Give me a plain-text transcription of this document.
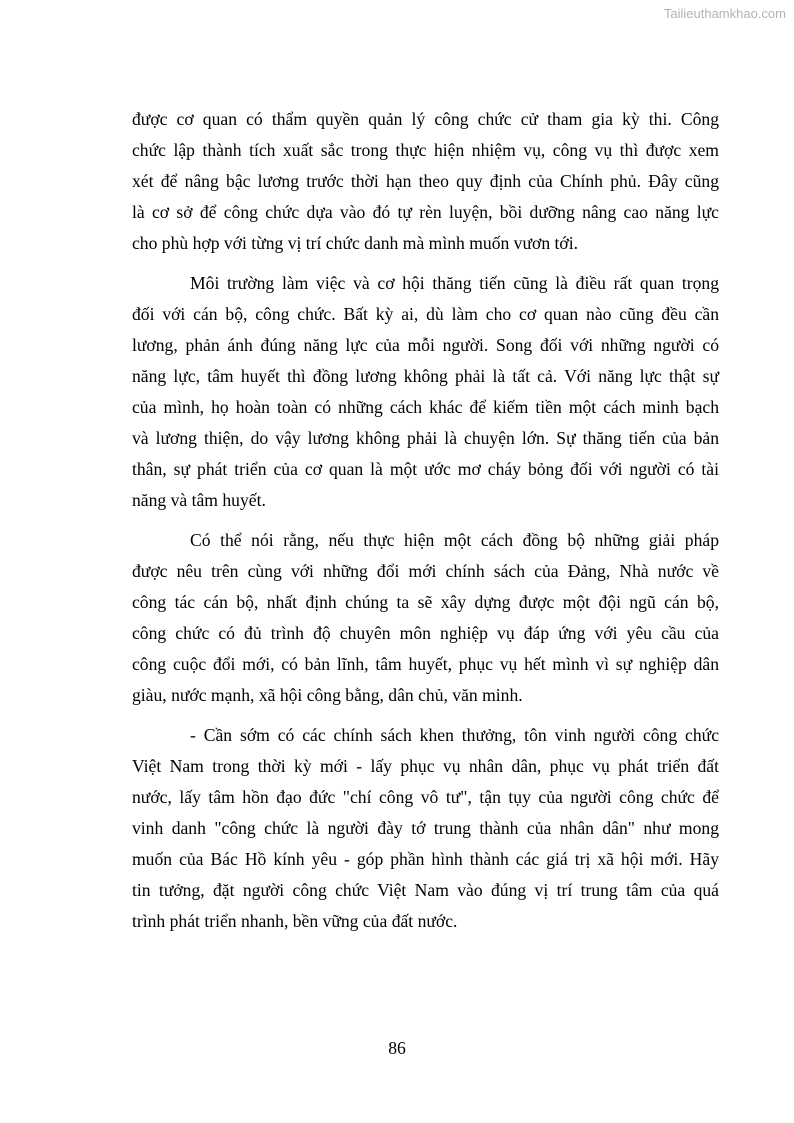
Tailieuthamkhao.com
được cơ quan có thẩm quyền quản lý công chức cử tham gia kỳ thi. Công
chức lập thành tích xuất sắc trong thực hiện nhiệm vụ, công vụ thì được xem
xét để nâng bậc lương trước thời hạn theo quy định của Chính phủ. Đây cũng
là cơ sở để công chức dựa vào đó tự rèn luyện, bồi dưỡng nâng cao năng lực
cho phù hợp với từng vị trí chức danh mà mình muốn vươn tới.
Môi trường làm việc và cơ hội thăng tiến cũng là điều rất quan trọng
đối với cán bộ, công chức. Bất kỳ ai, dù làm cho cơ quan nào cũng đều cần
lương, phản ánh đúng năng lực của mỗi người. Song đối với những người có
năng lực, tâm huyết thì đồng lương không phải là tất cả. Với năng lực thật sự
của mình, họ hoàn toàn có những cách khác để kiếm tiền một cách minh bạch
và lương thiện, do vậy lương không phải là chuyện lớn. Sự thăng tiến của bản
thân, sự phát triển của cơ quan là một ước mơ cháy bỏng đối với người có tài
năng và tâm huyết.
Có thể nói rằng, nếu thực hiện một cách đồng bộ những giải pháp
được nêu trên cùng với những đổi mới chính sách của Đảng, Nhà nước về
công tác cán bộ, nhất định chúng ta sẽ xây dựng được một đội ngũ cán bộ,
công chức có đủ trình độ chuyên môn nghiệp vụ đáp ứng với yêu cầu của
công cuộc đổi mới, có bản lĩnh, tâm huyết, phục vụ hết mình vì sự nghiệp dân
giàu, nước mạnh, xã hội công bằng, dân chủ, văn minh.
- Cần sớm có các chính sách khen thưởng, tôn vinh người công chức
Việt Nam trong thời kỳ mới - lấy phục vụ nhân dân, phục vụ phát triển đất
nước, lấy tâm hồn đạo đức "chí công vô tư", tận tụy của người công chức để
vinh danh "công chức là người đày tớ trung thành của nhân dân" như mong
muốn của Bác Hồ kính yêu - góp phần hình thành các giá trị xã hội mới. Hãy
tin tưởng, đặt người công chức Việt Nam vào đúng vị trí trung tâm của quá
trình phát triển nhanh, bền vững của đất nước.
86
